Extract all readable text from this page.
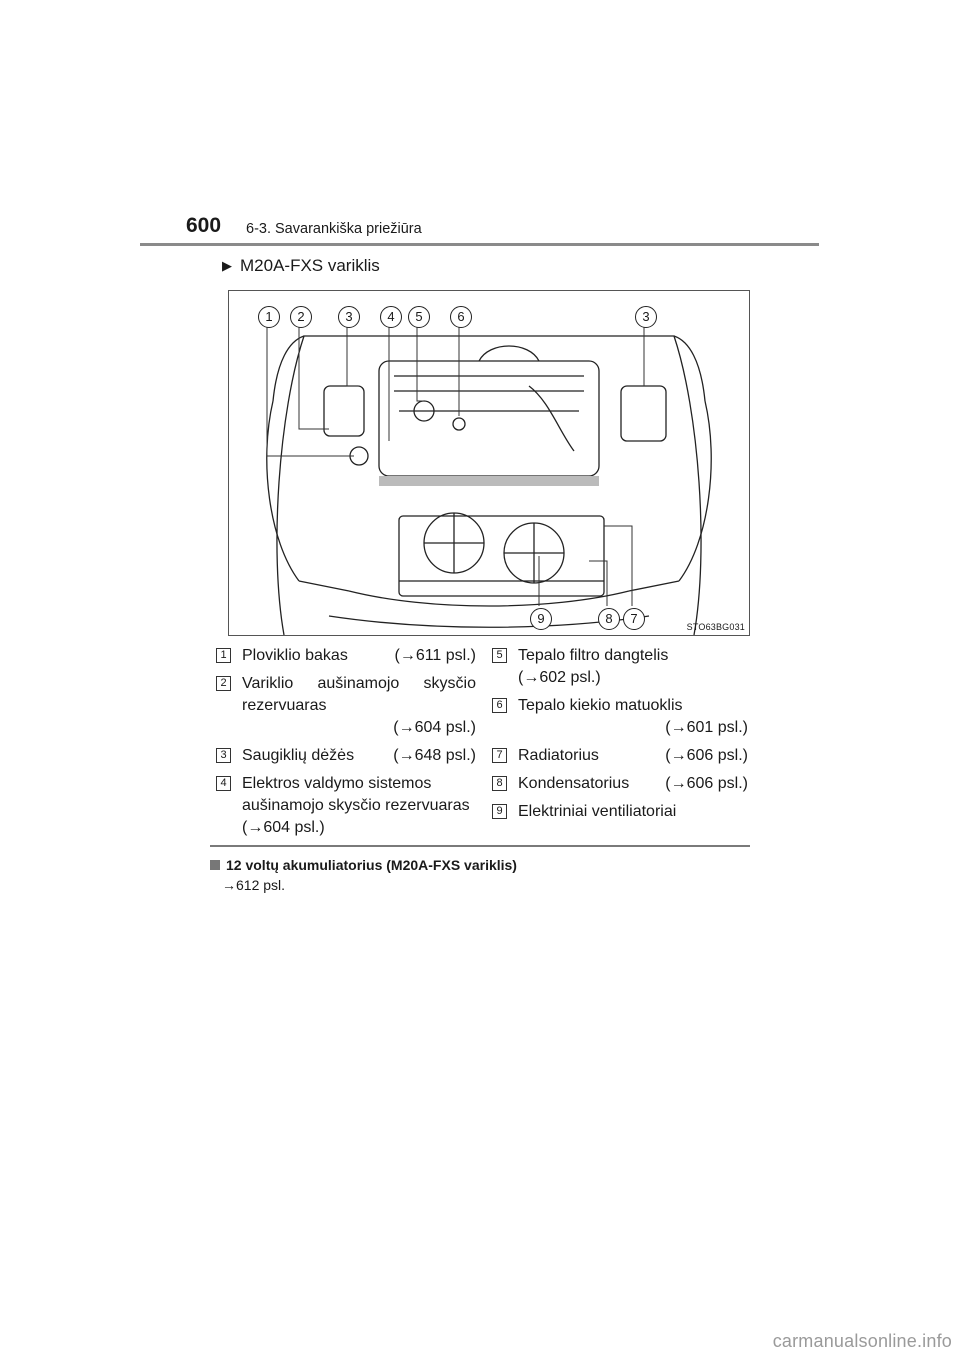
600 6-3. Savarankiška priežiūra
▶ M20A-FXS variklis
1	2	3	4	5	6	3
9	8	7
STO63BG031
1 Ploviklio bakas	(→611 psl.)
2 Variklio aušinamojo skysčio rezervuaras
(→604 psl.)
3 Saugiklių dėžės (→648 psl.)
4 Elektros valdymo sistemos aušinamojo skysčio rezervuaras (→604 psl.)
5 Tepalo filtro dangtelis (→602 psl.)
6 Tepalo kiekio matuoklis
(→601 psl.)
7 Radiatorius	(→606 psl.)
8 Kondensatorius (→606 psl.)
9 Elektriniai ventiliatoriai
12 voltų akumuliatorius (M20A-FXS variklis)
→612 psl.
carmanualsonline.info
